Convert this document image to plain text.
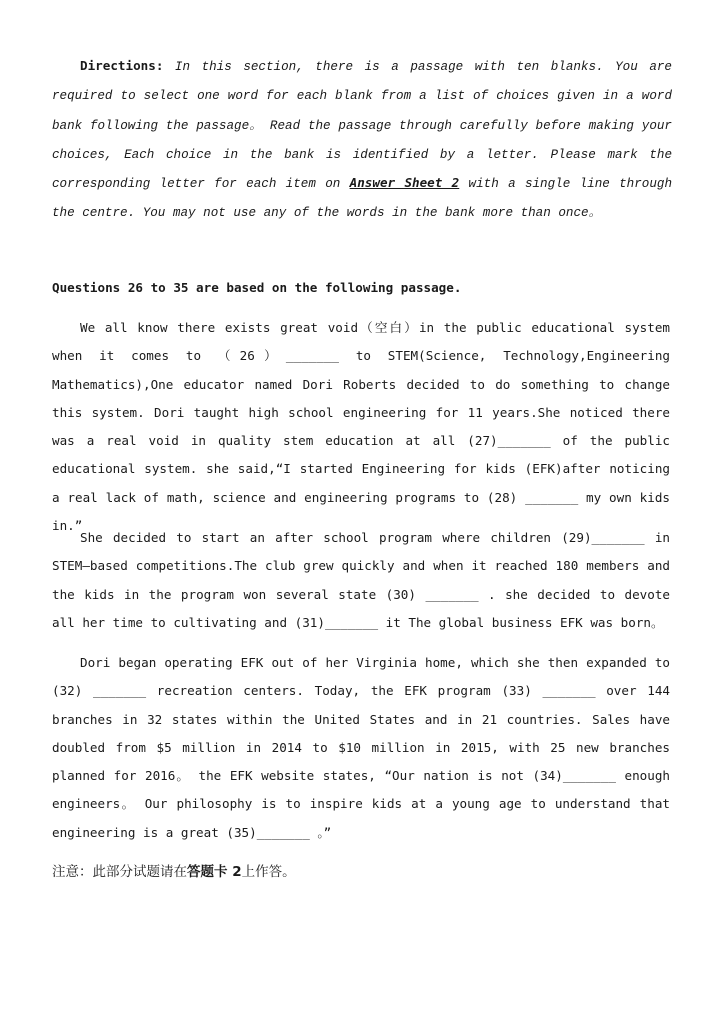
Directions: In this section, there is a passage with ten blanks. You are required to select one word for each blank from a list of choices given in a word bank following the passage。 Read the passage through carefully before making your choices, Each choice in the bank is identified by a letter. Please mark the corresponding letter for each item on Answer Sheet 2 with a single line through the centre. You may not use any of the words in the bank more than once。
Questions 26 to 35 are based on the following passage.

We all know there exists great void（空白）in the public educational system when it comes to （26）_______ to STEM(Science, Technology,Engineering Mathematics),One educator named Dori Roberts decided to do something to change this system. Dori taught high school engineering for 11 years.She noticed there was a real void in quality stem education at all (27)_______ of the public educational system. she said,“I started Engineering for kids (EFK)after noticing a real lack of math, science and engineering programs to (28) _______ my own kids in.”

She decided to start an after school program where children (29)_______ in STEM—based competitions.The club grew quickly and when it reached 180 members and the kids in the program won several state (30) _______ . she decided to devote all her time to cultivating and (31)_______ it The global business EFK was born。

Dori began operating EFK out of her Virginia home, which she then expanded to (32) _______ recreation centers. Today, the EFK program (33) _______ over 144 branches in 32 states within the United States and in 21 countries. Sales have doubled from $5 million in 2014 to $10 million in 2015, with 25 new branches planned for 2016。 the EFK website states, “Our nation is not (34)_______ enough engineers。 Our philosophy is to inspire kids at a young age to understand that engineering is a great (35)_______ 。”

注意：此部分试题请在答题卡 2上作答。
